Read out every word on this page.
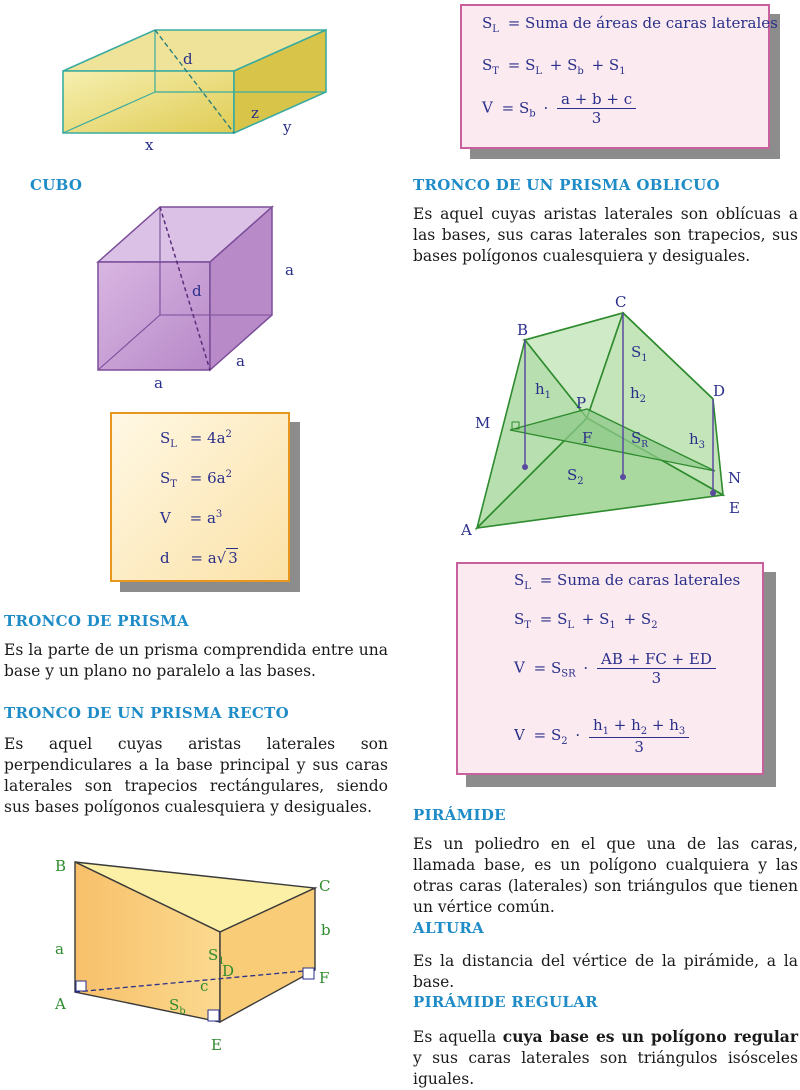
d
x
y
z
CUBO
d
a
a
a
$S_L = 4a^2$
$S_T = 6a^2$
$V = a^3$
d = a√ 3
TRONCO DE PRISMA

Es la parte de un prisma comprendida entre una base y un plano no paralelo a las bases.

TRONCO DE UN PRISMA RECTO

Es aquel cuyas aristas laterales son perpendiculares a la base principal y sus caras laterales son trapecios rectángulares, siendo sus bases polígonos cualesquiera y desiguales.

B
C
A
E
F
D
a
b
c
$S_1$
$S_b$
$S_L$ = Suma de áreas de caras laterales
$S_T = S_L + S_b + S_1$
$V = S_b \cdot \frac{a + b + c}{3}$
TRONCO DE UN PRISMA OBLICUO

Es aquel cuyas aristas laterales son oblícuas a las bases, sus caras laterales son trapecios, sus bases polígonos cualesquiera y desiguales.

B
C
D
M
P
F
N
E
A
$S_1$
$S_R$
$S_2$
$h_1$	$h_2$
$h_3$
$S_L$ = Suma de caras laterales
$S_T = S_L + S_1 + S_2$
$V = S_{SR} \cdot \frac{AB + FC + ED}{3}$
$V = S_2 \cdot \frac{h_1 + h_2 + h_3}{3}$
PIRÁMIDE

Es un poliedro en el que una de las caras, llamada base, es un polígono cualquiera y las otras caras (laterales) son triángulos que tienen un vértice común.

ALTURA

Es la distancia del vértice de la pirámide, a la base.

PIRÁMIDE REGULAR

Es aquella cuya base es un polígono regular y sus caras laterales son triángulos isósceles iguales.
